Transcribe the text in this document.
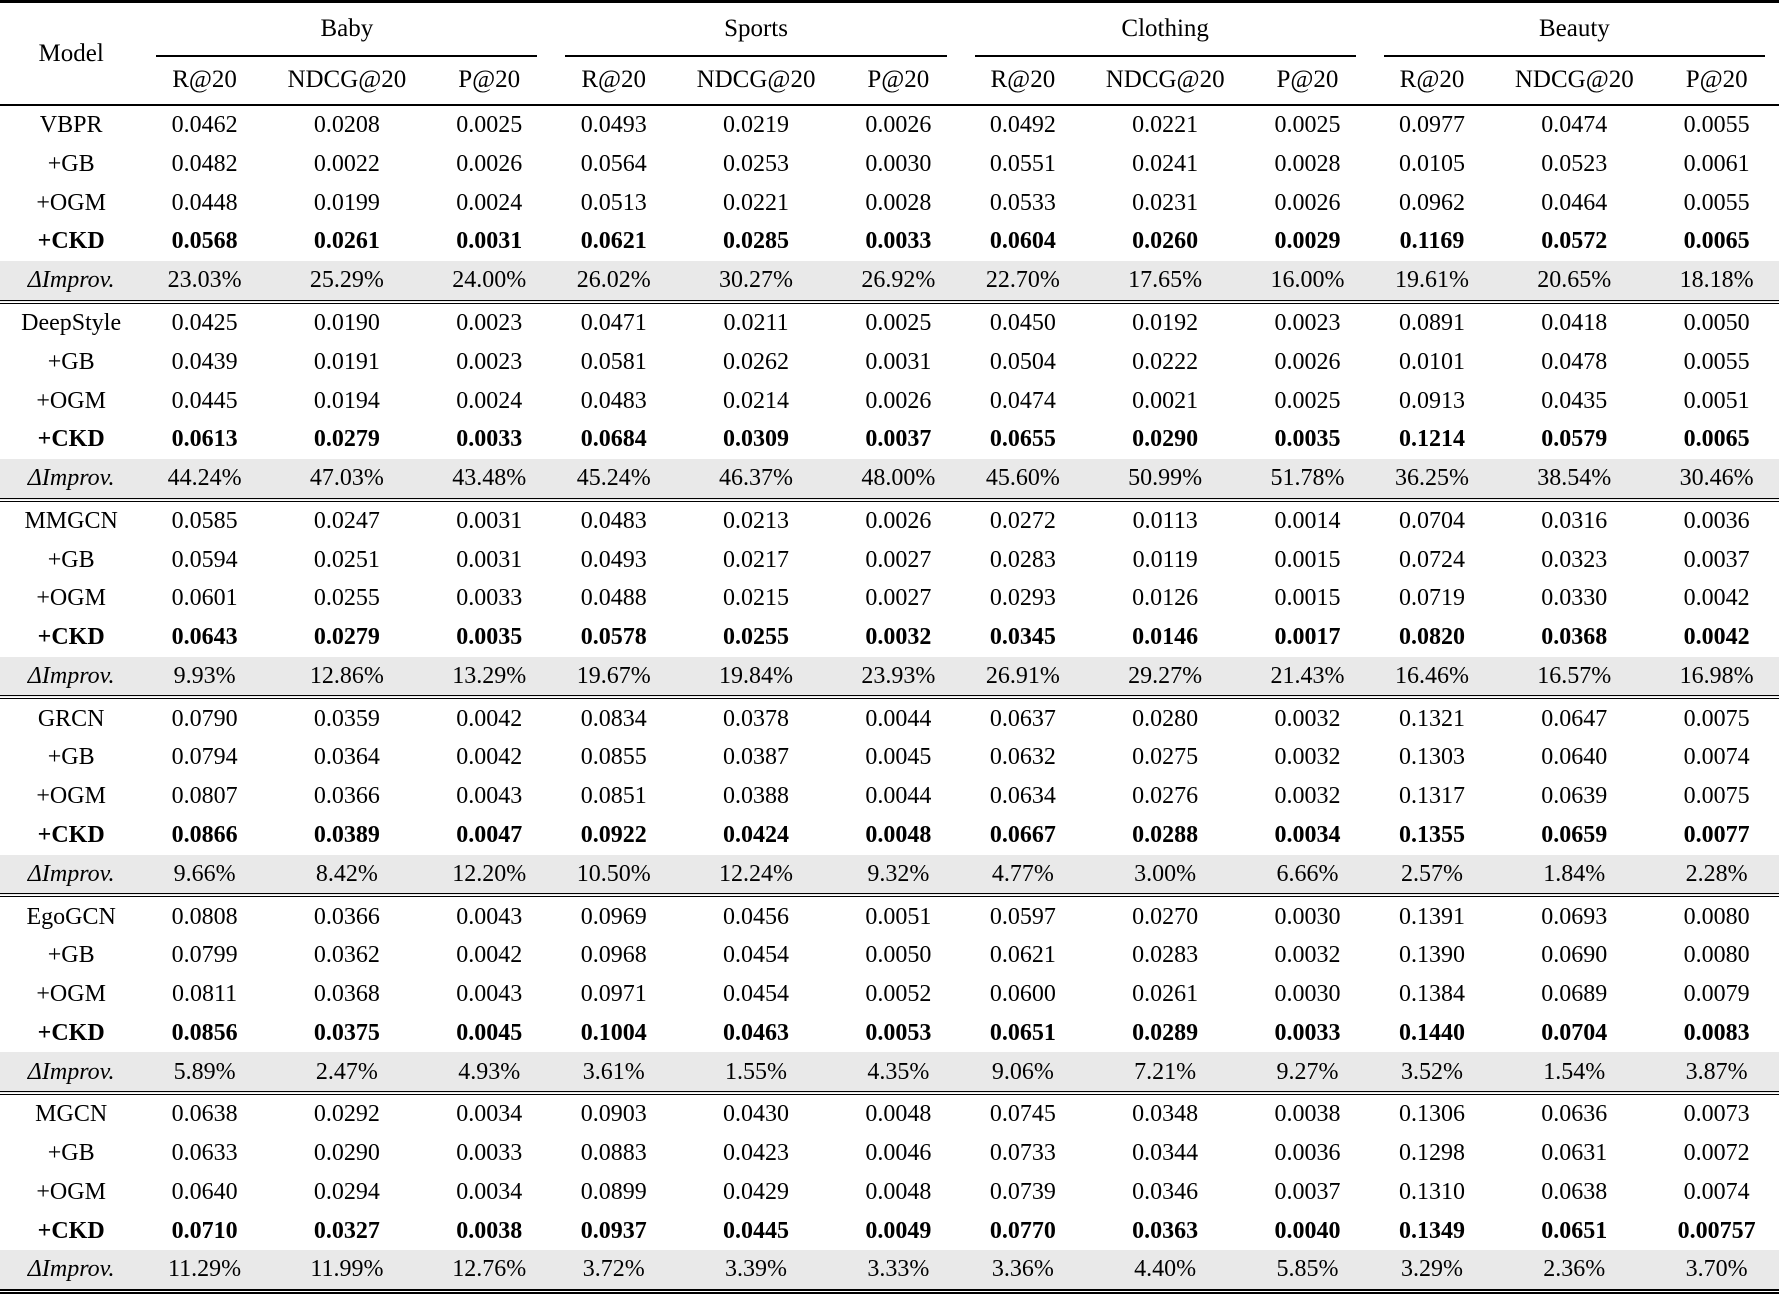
Model	Baby			Sports			Clothing			Beauty		
	R@20	NDCG@20	P@20	R@20	NDCG@20	P@20	R@20	NDCG@20	P@20	R@20	NDCG@20	P@20
VBPR	0.0462	0.0208	0.0025	0.0493	0.0219	0.0026	0.0492	0.0221	0.0025	0.0977	0.0474	0.0055
+GB	0.0482	0.0022	0.0026	0.0564	0.0253	0.0030	0.0551	0.0241	0.0028	0.0105	0.0523	0.0061
+OGM	0.0448	0.0199	0.0024	0.0513	0.0221	0.0028	0.0533	0.0231	0.0026	0.0962	0.0464	0.0055
+CKD	0.0568	0.0261	0.0031	0.0621	0.0285	0.0033	0.0604	0.0260	0.0029	0.1169	0.0572	0.0065
ΔImprov.	23.03%	25.29%	24.00%	26.02%	30.27%	26.92%	22.70%	17.65%	16.00%	19.61%	20.65%	18.18%
DeepStyle	0.0425	0.0190	0.0023	0.0471	0.0211	0.0025	0.0450	0.0192	0.0023	0.0891	0.0418	0.0050
+GB	0.0439	0.0191	0.0023	0.0581	0.0262	0.0031	0.0504	0.0222	0.0026	0.0101	0.0478	0.0055
+OGM	0.0445	0.0194	0.0024	0.0483	0.0214	0.0026	0.0474	0.0021	0.0025	0.0913	0.0435	0.0051
+CKD	0.0613	0.0279	0.0033	0.0684	0.0309	0.0037	0.0655	0.0290	0.0035	0.1214	0.0579	0.0065
ΔImprov.	44.24%	47.03%	43.48%	45.24%	46.37%	48.00%	45.60%	50.99%	51.78%	36.25%	38.54%	30.46%
MMGCN	0.0585	0.0247	0.0031	0.0483	0.0213	0.0026	0.0272	0.0113	0.0014	0.0704	0.0316	0.0036
+GB	0.0594	0.0251	0.0031	0.0493	0.0217	0.0027	0.0283	0.0119	0.0015	0.0724	0.0323	0.0037
+OGM	0.0601	0.0255	0.0033	0.0488	0.0215	0.0027	0.0293	0.0126	0.0015	0.0719	0.0330	0.0042
+CKD	0.0643	0.0279	0.0035	0.0578	0.0255	0.0032	0.0345	0.0146	0.0017	0.0820	0.0368	0.0042
ΔImprov.	9.93%	12.86%	13.29%	19.67%	19.84%	23.93%	26.91%	29.27%	21.43%	16.46%	16.57%	16.98%
GRCN	0.0790	0.0359	0.0042	0.0834	0.0378	0.0044	0.0637	0.0280	0.0032	0.1321	0.0647	0.0075
+GB	0.0794	0.0364	0.0042	0.0855	0.0387	0.0045	0.0632	0.0275	0.0032	0.1303	0.0640	0.0074
+OGM	0.0807	0.0366	0.0043	0.0851	0.0388	0.0044	0.0634	0.0276	0.0032	0.1317	0.0639	0.0075
+CKD	0.0866	0.0389	0.0047	0.0922	0.0424	0.0048	0.0667	0.0288	0.0034	0.1355	0.0659	0.0077
ΔImprov.	9.66%	8.42%	12.20%	10.50%	12.24%	9.32%	4.77%	3.00%	6.66%	2.57%	1.84%	2.28%
EgoGCN	0.0808	0.0366	0.0043	0.0969	0.0456	0.0051	0.0597	0.0270	0.0030	0.1391	0.0693	0.0080
+GB	0.0799	0.0362	0.0042	0.0968	0.0454	0.0050	0.0621	0.0283	0.0032	0.1390	0.0690	0.0080
+OGM	0.0811	0.0368	0.0043	0.0971	0.0454	0.0052	0.0600	0.0261	0.0030	0.1384	0.0689	0.0079
+CKD	0.0856	0.0375	0.0045	0.1004	0.0463	0.0053	0.0651	0.0289	0.0033	0.1440	0.0704	0.0083
ΔImprov.	5.89%	2.47%	4.93%	3.61%	1.55%	4.35%	9.06%	7.21%	9.27%	3.52%	1.54%	3.87%
MGCN	0.0638	0.0292	0.0034	0.0903	0.0430	0.0048	0.0745	0.0348	0.0038	0.1306	0.0636	0.0073
+GB	0.0633	0.0290	0.0033	0.0883	0.0423	0.0046	0.0733	0.0344	0.0036	0.1298	0.0631	0.0072
+OGM	0.0640	0.0294	0.0034	0.0899	0.0429	0.0048	0.0739	0.0346	0.0037	0.1310	0.0638	0.0074
+CKD	0.0710	0.0327	0.0038	0.0937	0.0445	0.0049	0.0770	0.0363	0.0040	0.1349	0.0651	0.00757
ΔImprov.	11.29%	11.99%	12.76%	3.72%	3.39%	3.33%	3.36%	4.40%	5.85%	3.29%	2.36%	3.70%
